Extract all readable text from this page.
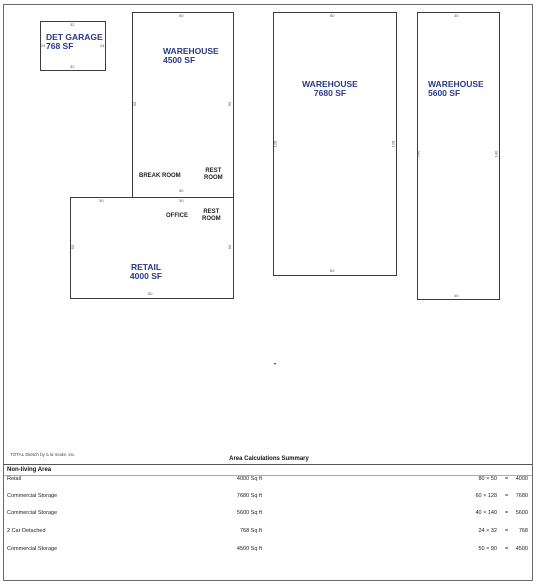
DET GARAGE
768 SF
32
32
24	24
WAREHOUSE
4500 SF
50
90	90
BREAK ROOM
REST
ROOM
50
30	30
OFFICE
REST
ROOM
RETAIL
4000 SF
50	50
80
WAREHOUSE
7680 SF
60
60
128	128
WAREHOUSE
5600 SF
40
40
140	140
•
TOTAL Sketch by a la mode, inc.
Area Calculations Summary
Non-living Area
Retail	4000 Sq ft	80 × 50 =	4000
Commercial Storage	7680 Sq ft	60 × 128 =	7680
Commercial Storage	5600 Sq ft	40 × 140 =	5600
2 Car Detached	768 Sq ft	24 × 32 =	768
Commercial Storage	4500 Sq ft	50 × 90 =	4500
